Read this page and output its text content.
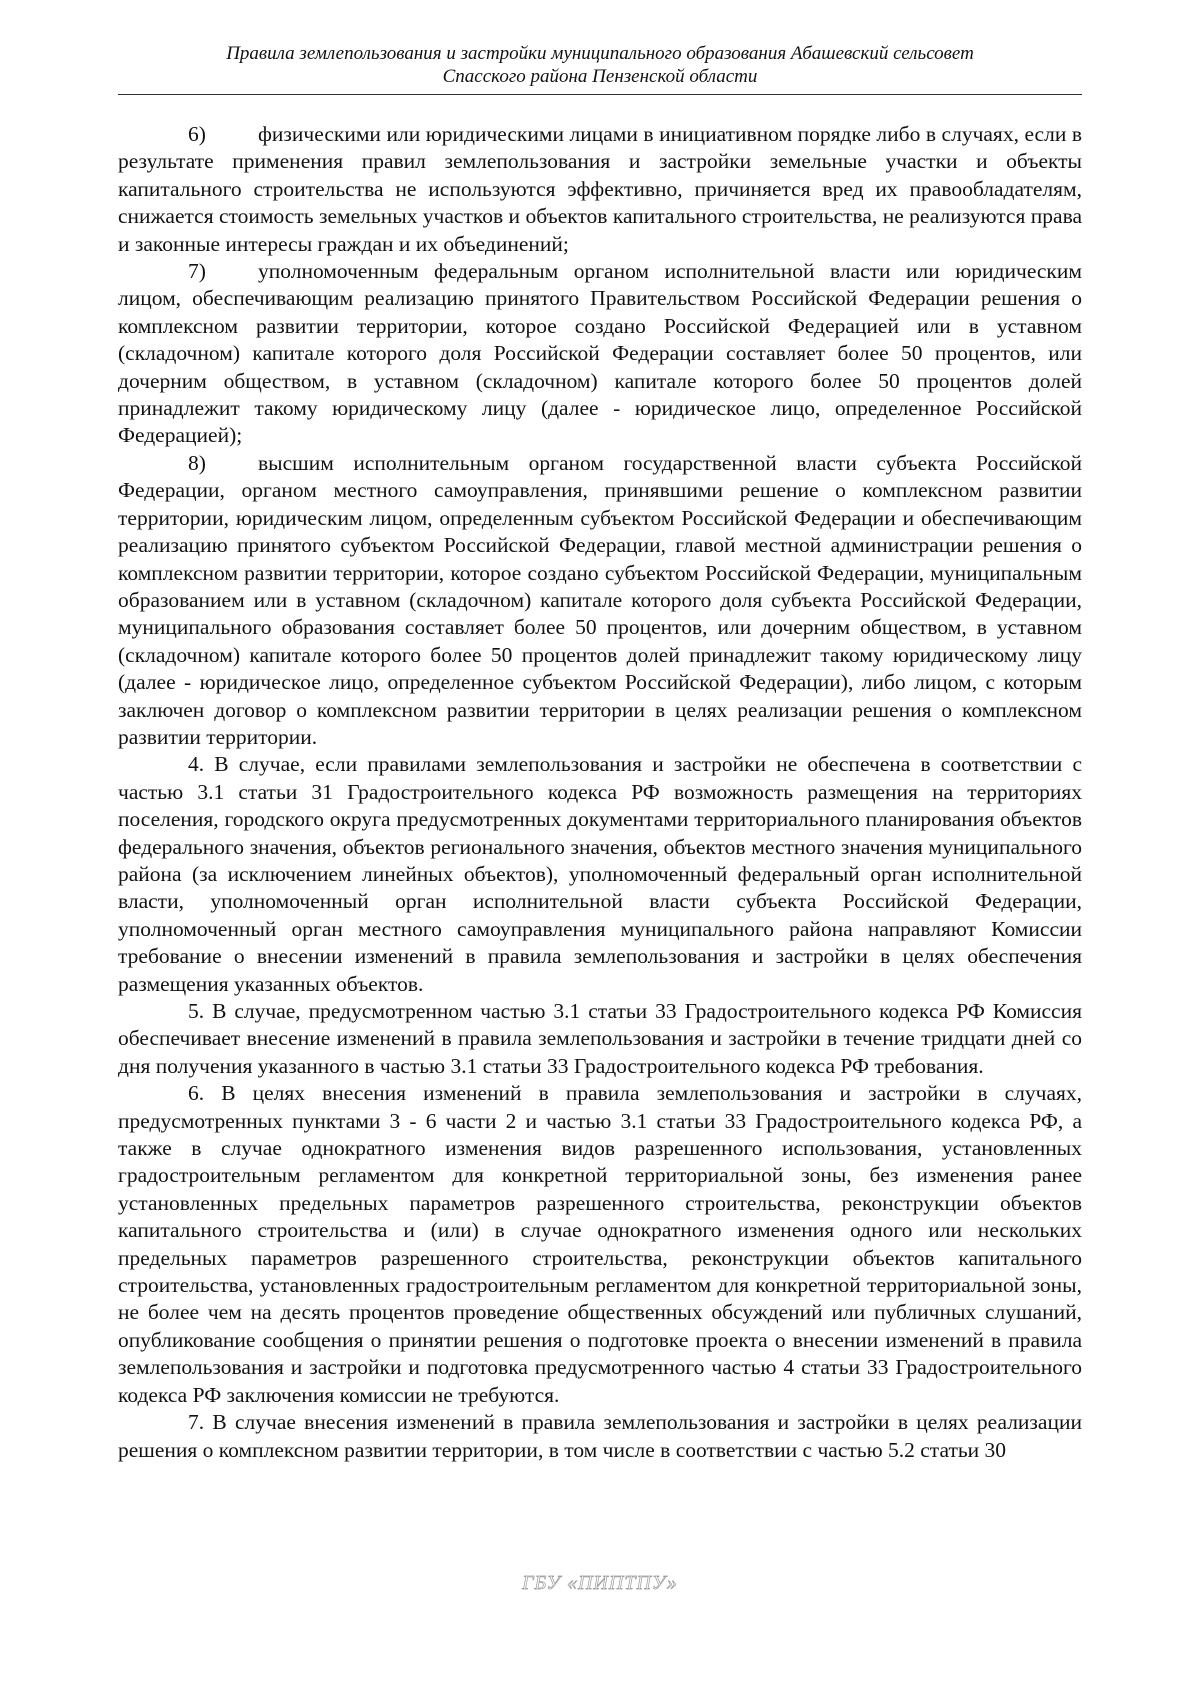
Правила землепользования и застройки муниципального образования Абашевский сельсовет
Спасского района Пензенской области

6) физическими или юридическими лицами в инициативном порядке либо в случаях, если в результате применения правил землепользования и застройки земельные участки и объекты капитального строительства не используются эффективно, причиняется вред их правообладателям, снижается стоимость земельных участков и объектов капитального строительства, не реализуются права и законные интересы граждан и их объединений;

7) уполномоченным федеральным органом исполнительной власти или юридическим лицом, обеспечивающим реализацию принятого Правительством Российской Федерации решения о комплексном развитии территории, которое создано Российской Федерацией или в уставном (складочном) капитале которого доля Российской Федерации составляет более 50 процентов, или дочерним обществом, в уставном (складочном) капитале которого более 50 процентов долей принадлежит такому юридическому лицу (далее - юридическое лицо, определенное Российской Федерацией);

8) высшим исполнительным органом государственной власти субъекта Российской Федерации, органом местного самоуправления, принявшими решение о комплексном развитии территории, юридическим лицом, определенным субъектом Российской Федерации и обеспечивающим реализацию принятого субъектом Российской Федерации, главой местной администрации решения о комплексном развитии территории, которое создано субъектом Российской Федерации, муниципальным образованием или в уставном (складочном) капитале которого доля субъекта Российской Федерации, муниципального образования составляет более 50 процентов, или дочерним обществом, в уставном (складочном) капитале которого более 50 процентов долей принадлежит такому юридическому лицу (далее - юридическое лицо, определенное субъектом Российской Федерации), либо лицом, с которым заключен договор о комплексном развитии территории в целях реализации решения о комплексном развитии территории.

4. В случае, если правилами землепользования и застройки не обеспечена в соответствии с частью 3.1 статьи 31 Градостроительного кодекса РФ возможность размещения на территориях поселения, городского округа предусмотренных документами территориального планирования объектов федерального значения, объектов регионального значения, объектов местного значения муниципального района (за исключением линейных объектов), уполномоченный федеральный орган исполнительной власти, уполномоченный орган исполнительной власти субъекта Российской Федерации, уполномоченный орган местного самоуправления муниципального района направляют Комиссии требование о внесении изменений в правила землепользования и застройки в целях обеспечения размещения указанных объектов.

5. В случае, предусмотренном частью 3.1 статьи 33 Градостроительного кодекса РФ Комиссия обеспечивает внесение изменений в правила землепользования и застройки в течение тридцати дней со дня получения указанного в частью 3.1 статьи 33 Градостроительного кодекса РФ требования.

6. В целях внесения изменений в правила землепользования и застройки в случаях, предусмотренных пунктами 3 - 6 части 2 и частью 3.1 статьи 33 Градостроительного кодекса РФ, а также в случае однократного изменения видов разрешенного использования, установленных градостроительным регламентом для конкретной территориальной зоны, без изменения ранее установленных предельных параметров разрешенного строительства, реконструкции объектов капитального строительства и (или) в случае однократного изменения одного или нескольких предельных параметров разрешенного строительства, реконструкции объектов капитального строительства, установленных градостроительным регламентом для конкретной территориальной зоны, не более чем на десять процентов проведение общественных обсуждений или публичных слушаний, опубликование сообщения о принятии решения о подготовке проекта о внесении изменений в правила землепользования и застройки и подготовка предусмотренного частью 4 статьи 33 Градостроительного кодекса РФ заключения комиссии не требуются.

7. В случае внесения изменений в правила землепользования и застройки в целях реализации решения о комплексном развитии территории, в том числе в соответствии с частью 5.2 статьи 30

ГБУ «ПИПТПУ»
